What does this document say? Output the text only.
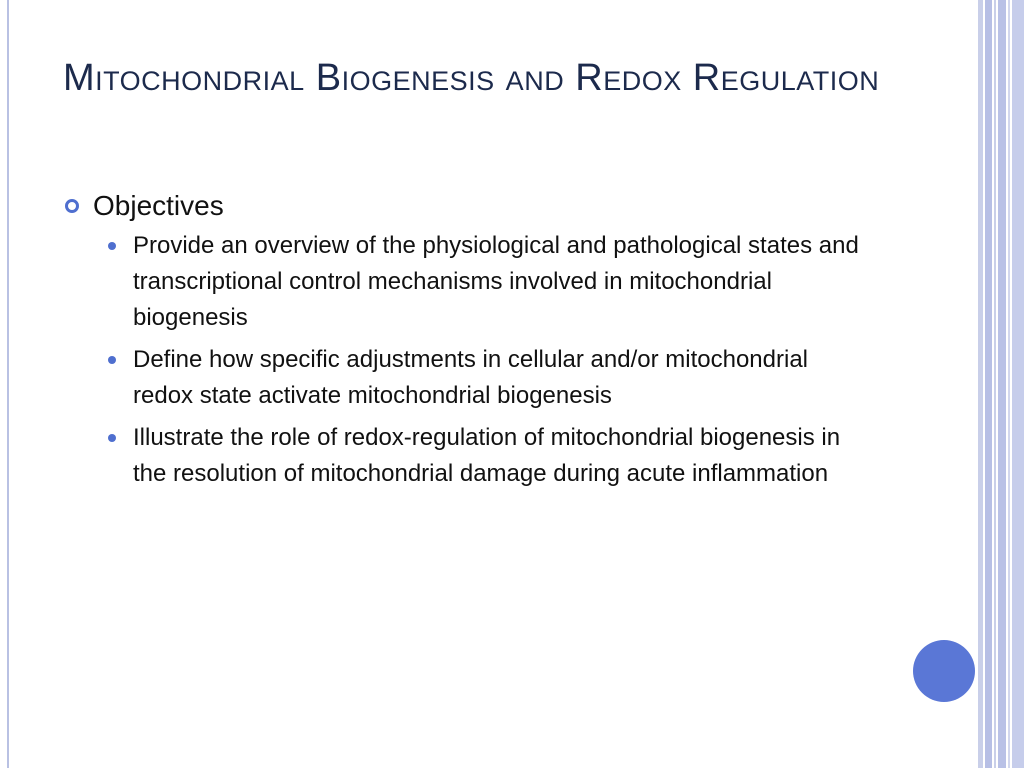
Mitochondrial Biogenesis and Redox Regulation
Objectives
Provide an overview of the physiological and pathological states and transcriptional control mechanisms involved in mitochondrial biogenesis
Define how specific adjustments in cellular and/or mitochondrial redox state activate mitochondrial biogenesis
Illustrate the role of redox-regulation of mitochondrial biogenesis in the resolution of mitochondrial damage during acute inflammation
